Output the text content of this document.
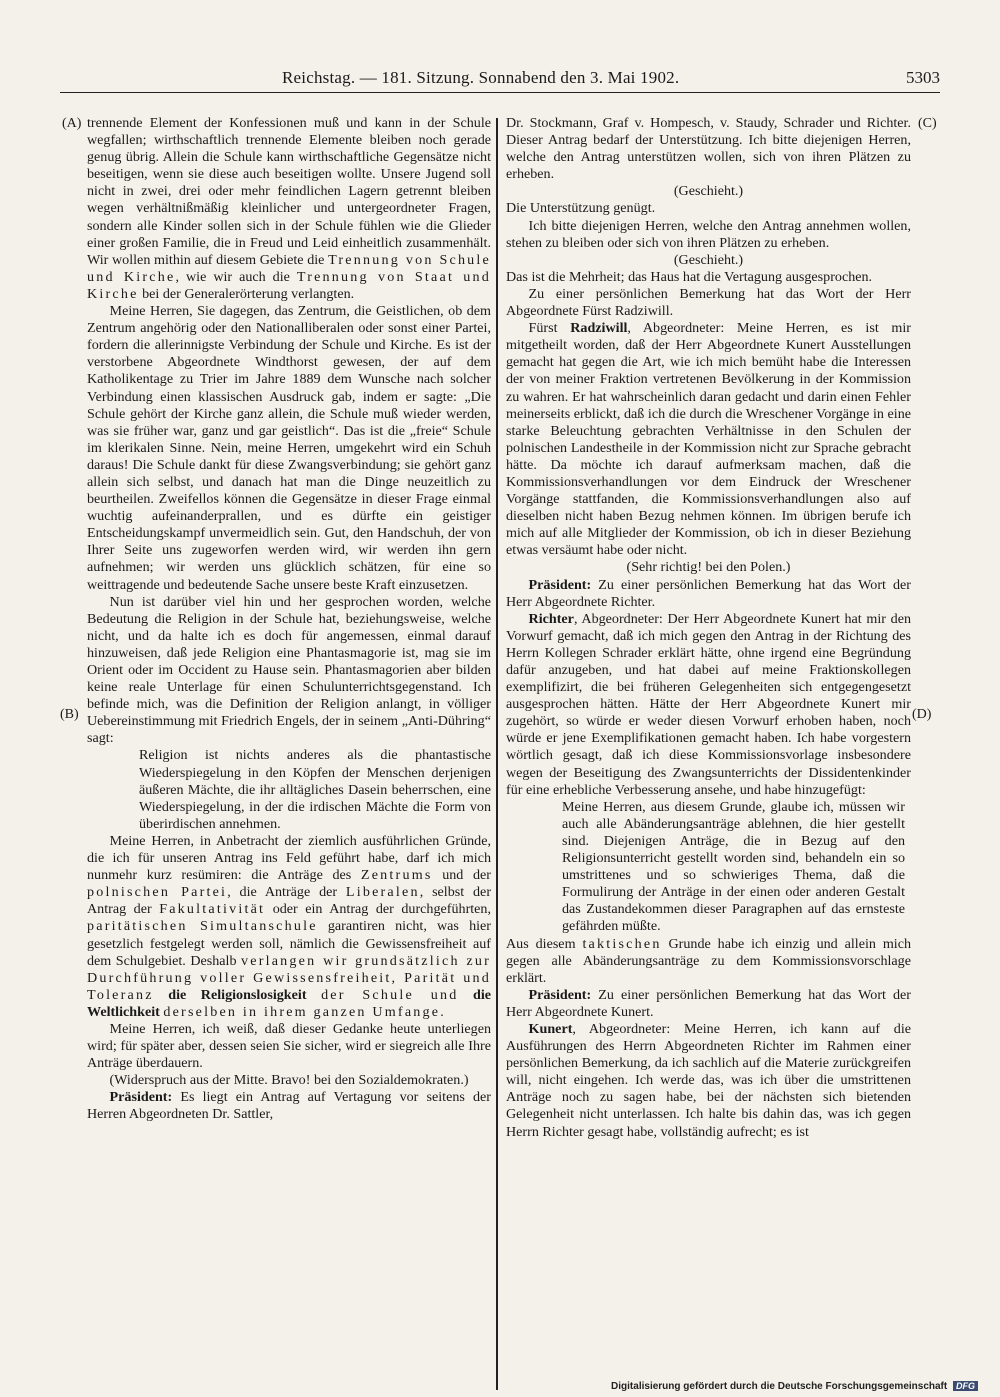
Reichstag. — 181. Sitzung. Sonnabend den 3. Mai 1902.	5303
(A)
(B)
(C)
(D)

trennende Element der Konfessionen muß und kann in der Schule wegfallen; wirthschaftlich trennende Elemente bleiben noch gerade genug übrig. Allein die Schule kann wirthschaftliche Gegensätze nicht beseitigen, wenn sie diese auch beseitigen wollte. Unsere Jugend soll nicht in zwei, drei oder mehr feindlichen Lagern getrennt bleiben wegen verhältnißmäßig kleinlicher und untergeordneter Fragen, sondern alle Kinder sollen sich in der Schule fühlen wie die Glieder einer großen Familie, die in Freud und Leid einheitlich zusammenhält. Wir wollen mithin auf diesem Gebiete die Trennung von Schule und Kirche, wie wir auch die Trennung von Staat und Kirche bei der Generalerörterung verlangten.

Meine Herren, Sie dagegen, das Zentrum, die Geistlichen, ob dem Zentrum angehörig oder den Nationalliberalen oder sonst einer Partei, fordern die allerinnigste Verbindung der Schule und Kirche. Es ist der verstorbene Abgeordnete Windthorst gewesen, der auf dem Katholikentage zu Trier im Jahre 1889 dem Wunsche nach solcher Verbindung einen klassischen Ausdruck gab, indem er sagte: „Die Schule gehört der Kirche ganz allein, die Schule muß wieder werden, was sie früher war, ganz und gar geistlich“. Das ist die „freie“ Schule im klerikalen Sinne. Nein, meine Herren, umgekehrt wird ein Schuh daraus! Die Schule dankt für diese Zwangsverbindung; sie gehört ganz allein sich selbst, und danach hat man die Dinge neuzeitlich zu beurtheilen. Zweifellos können die Gegensätze in dieser Frage einmal wuchtig aufeinanderprallen, und es dürfte ein geistiger Entscheidungskampf unvermeidlich sein. Gut, den Handschuh, der von Ihrer Seite uns zugeworfen werden wird, wir werden ihn gern aufnehmen; wir werden uns glücklich schätzen, für eine so weittragende und bedeutende Sache unsere beste Kraft einzusetzen.

Nun ist darüber viel hin und her gesprochen worden, welche Bedeutung die Religion in der Schule hat, beziehungsweise, welche nicht, und da halte ich es doch für angemessen, einmal darauf hinzuweisen, daß jede Religion eine Phantasmagorie ist, mag sie im Orient oder im Occident zu Hause sein. Phantasmagorien aber bilden keine reale Unterlage für einen Schulunterrichtsgegenstand. Ich befinde mich, was die Definition der Religion anlangt, in völliger Uebereinstimmung mit Friedrich Engels, der in seinem „Anti-Dühring“ sagt:

Religion ist nichts anderes als die phantastische Wiederspiegelung in den Köpfen der Menschen derjenigen äußeren Mächte, die ihr alltägliches Dasein beherrschen, eine Wiederspiegelung, in der die irdischen Mächte die Form von überirdischen annehmen.

Meine Herren, in Anbetracht der ziemlich ausführlichen Gründe, die ich für unseren Antrag ins Feld geführt habe, darf ich mich nunmehr kurz resümiren: die Anträge des Zentrums und der polnischen Partei, die Anträge der Liberalen, selbst der Antrag der Fakultativität oder ein Antrag der durchgeführten, paritätischen Simultanschule garantiren nicht, was hier gesetzlich festgelegt werden soll, nämlich die Gewissensfreiheit auf dem Schulgebiet. Deshalb verlangen wir grundsätzlich zur Durchführung voller Gewissensfreiheit, Parität und Toleranz die Religionslosigkeit der Schule und die Weltlichkeit derselben in ihrem ganzen Umfange.

Meine Herren, ich weiß, daß dieser Gedanke heute unterliegen wird; für später aber, dessen seien Sie sicher, wird er siegreich alle Ihre Anträge überdauern.

(Widerspruch aus der Mitte. Bravo! bei den Sozialdemokraten.)

Präsident: Es liegt ein Antrag auf Vertagung vor seitens der Herren Abgeordneten Dr. Sattler,

Dr. Stockmann, Graf v. Hompesch, v. Staudy, Schrader und Richter. Dieser Antrag bedarf der Unterstützung. Ich bitte diejenigen Herren, welche den Antrag unterstützen wollen, sich von ihren Plätzen zu erheben.

(Geschieht.)

Die Unterstützung genügt.

Ich bitte diejenigen Herren, welche den Antrag annehmen wollen, stehen zu bleiben oder sich von ihren Plätzen zu erheben.

(Geschieht.)

Das ist die Mehrheit; das Haus hat die Vertagung ausgesprochen.

Zu einer persönlichen Bemerkung hat das Wort der Herr Abgeordnete Fürst Radziwill.

Fürst Radziwill, Abgeordneter: Meine Herren, es ist mir mitgetheilt worden, daß der Herr Abgeordnete Kunert Ausstellungen gemacht hat gegen die Art, wie ich mich bemüht habe die Interessen der von meiner Fraktion vertretenen Bevölkerung in der Kommission zu wahren. Er hat wahrscheinlich daran gedacht und darin einen Fehler meinerseits erblickt, daß ich die durch die Wreschener Vorgänge in eine starke Beleuchtung gebrachten Verhältnisse in den Schulen der polnischen Landestheile in der Kommission nicht zur Sprache gebracht hätte. Da möchte ich darauf aufmerksam machen, daß die Kommissionsverhandlungen vor dem Eindruck der Wreschener Vorgänge stattfanden, die Kommissionsverhandlungen also auf dieselben nicht haben Bezug nehmen können. Im übrigen berufe ich mich auf alle Mitglieder der Kommission, ob ich in dieser Beziehung etwas versäumt habe oder nicht.

(Sehr richtig! bei den Polen.)

Präsident: Zu einer persönlichen Bemerkung hat das Wort der Herr Abgeordnete Richter.

Richter, Abgeordneter: Der Herr Abgeordnete Kunert hat mir den Vorwurf gemacht, daß ich mich gegen den Antrag in der Richtung des Herrn Kollegen Schrader erklärt hätte, ohne irgend eine Begründung dafür anzugeben, und hat dabei auf meine Fraktionskollegen exemplifizirt, die bei früheren Gelegenheiten sich entgegengesetzt ausgesprochen hätten. Hätte der Herr Abgeordnete Kunert mir zugehört, so würde er weder diesen Vorwurf erhoben haben, noch würde er jene Exemplifikationen gemacht haben. Ich habe vorgestern wörtlich gesagt, daß ich diese Kommissionsvorlage insbesondere wegen der Beseitigung des Zwangsunterrichts der Dissidentenkinder für eine erhebliche Verbesserung ansehe, und habe hinzugefügt:

Meine Herren, aus diesem Grunde, glaube ich, müssen wir auch alle Abänderungsanträge ablehnen, die hier gestellt sind. Diejenigen Anträge, die in Bezug auf den Religionsunterricht gestellt worden sind, behandeln ein so umstrittenes und so schwieriges Thema, daß die Formulirung der Anträge in der einen oder anderen Gestalt das Zustandekommen dieser Paragraphen auf das ernsteste gefährden müßte.

Aus diesem taktischen Grunde habe ich einzig und allein mich gegen alle Abänderungsanträge zu dem Kommissionsvorschlage erklärt.

Präsident: Zu einer persönlichen Bemerkung hat das Wort der Herr Abgeordnete Kunert.

Kunert, Abgeordneter: Meine Herren, ich kann auf die Ausführungen des Herrn Abgeordneten Richter im Rahmen einer persönlichen Bemerkung, da ich sachlich auf die Materie zurückgreifen will, nicht eingehen. Ich werde das, was ich über die umstrittenen Anträge noch zu sagen habe, bei der nächsten sich bietenden Gelegenheit nicht unterlassen. Ich halte bis dahin das, was ich gegen Herrn Richter gesagt habe, vollständig aufrecht; es ist

Digitalisierung gefördert durch die Deutsche Forschungsgemeinschaft DFG
